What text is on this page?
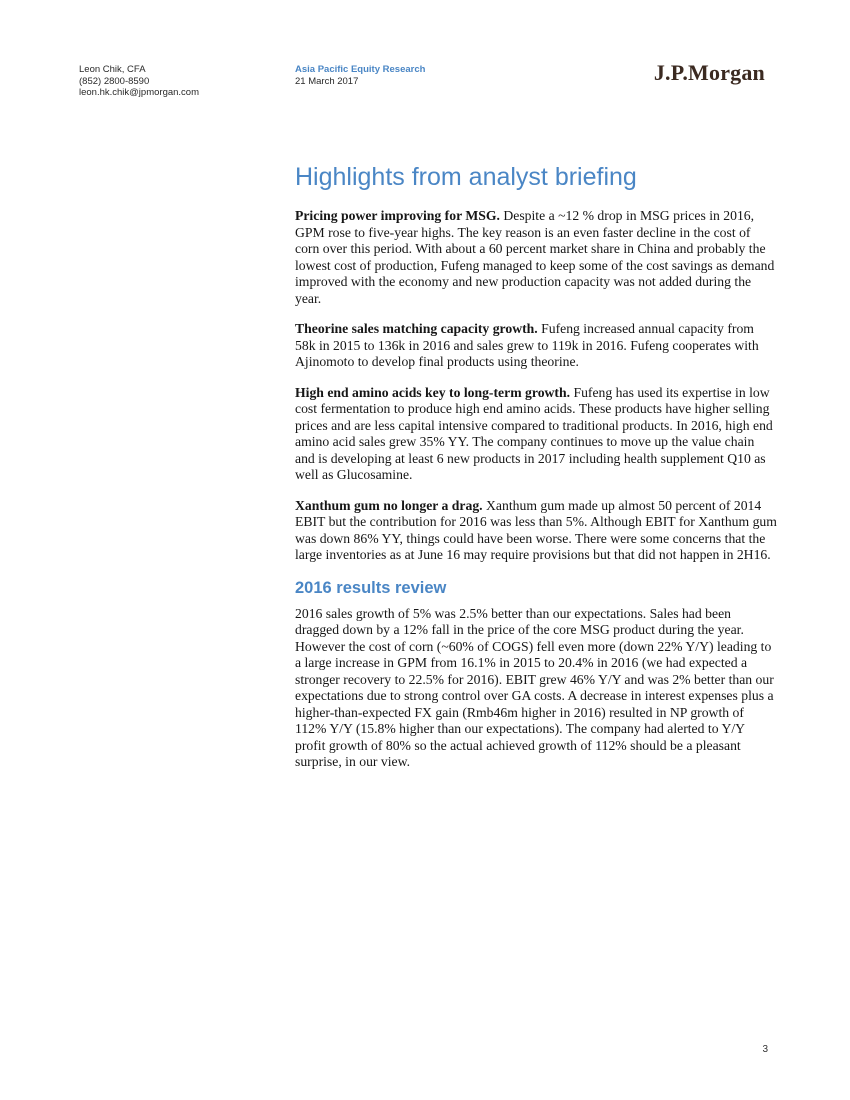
Leon Chik, CFA
(852) 2800-8590
leon.hk.chik@jpmorgan.com
Asia Pacific Equity Research
21 March 2017	J.P.Morgan
Highlights from analyst briefing

Pricing power improving for MSG. Despite a ~12 % drop in MSG prices in 2016, GPM rose to five-year highs. The key reason is an even faster decline in the cost of corn over this period. With about a 60 percent market share in China and probably the lowest cost of production, Fufeng managed to keep some of the cost savings as demand improved with the economy and new production capacity was not added during the year.

Theorine sales matching capacity growth. Fufeng increased annual capacity from 58k in 2015 to 136k in 2016 and sales grew to 119k in 2016. Fufeng cooperates with Ajinomoto to develop final products using theorine.

High end amino acids key to long-term growth. Fufeng has used its expertise in low cost fermentation to produce high end amino acids. These products have higher selling prices and are less capital intensive compared to traditional products. In 2016, high end amino acid sales grew 35% YY. The company continues to move up the value chain and is developing at least 6 new products in 2017 including health supplement Q10 as well as Glucosamine.

Xanthum gum no longer a drag. Xanthum gum made up almost 50 percent of 2014 EBIT but the contribution for 2016 was less than 5%. Although EBIT for Xanthum gum was down 86% YY, things could have been worse. There were some concerns that the large inventories as at June 16 may require provisions but that did not happen in 2H16.

2016 results review

2016 sales growth of 5% was 2.5% better than our expectations. Sales had been dragged down by a 12% fall in the price of the core MSG product during the year. However the cost of corn (~60% of COGS) fell even more (down 22% Y/Y) leading to a large increase in GPM from 16.1% in 2015 to 20.4% in 2016 (we had expected a stronger recovery to 22.5% for 2016). EBIT grew 46% Y/Y and was 2% better than our expectations due to strong control over GA costs. A decrease in interest expenses plus a higher-than-expected FX gain (Rmb46m higher in 2016) resulted in NP growth of 112% Y/Y (15.8% higher than our expectations). The company had alerted to Y/Y profit growth of 80% so the actual achieved growth of 112% should be a pleasant surprise, in our view.

3
